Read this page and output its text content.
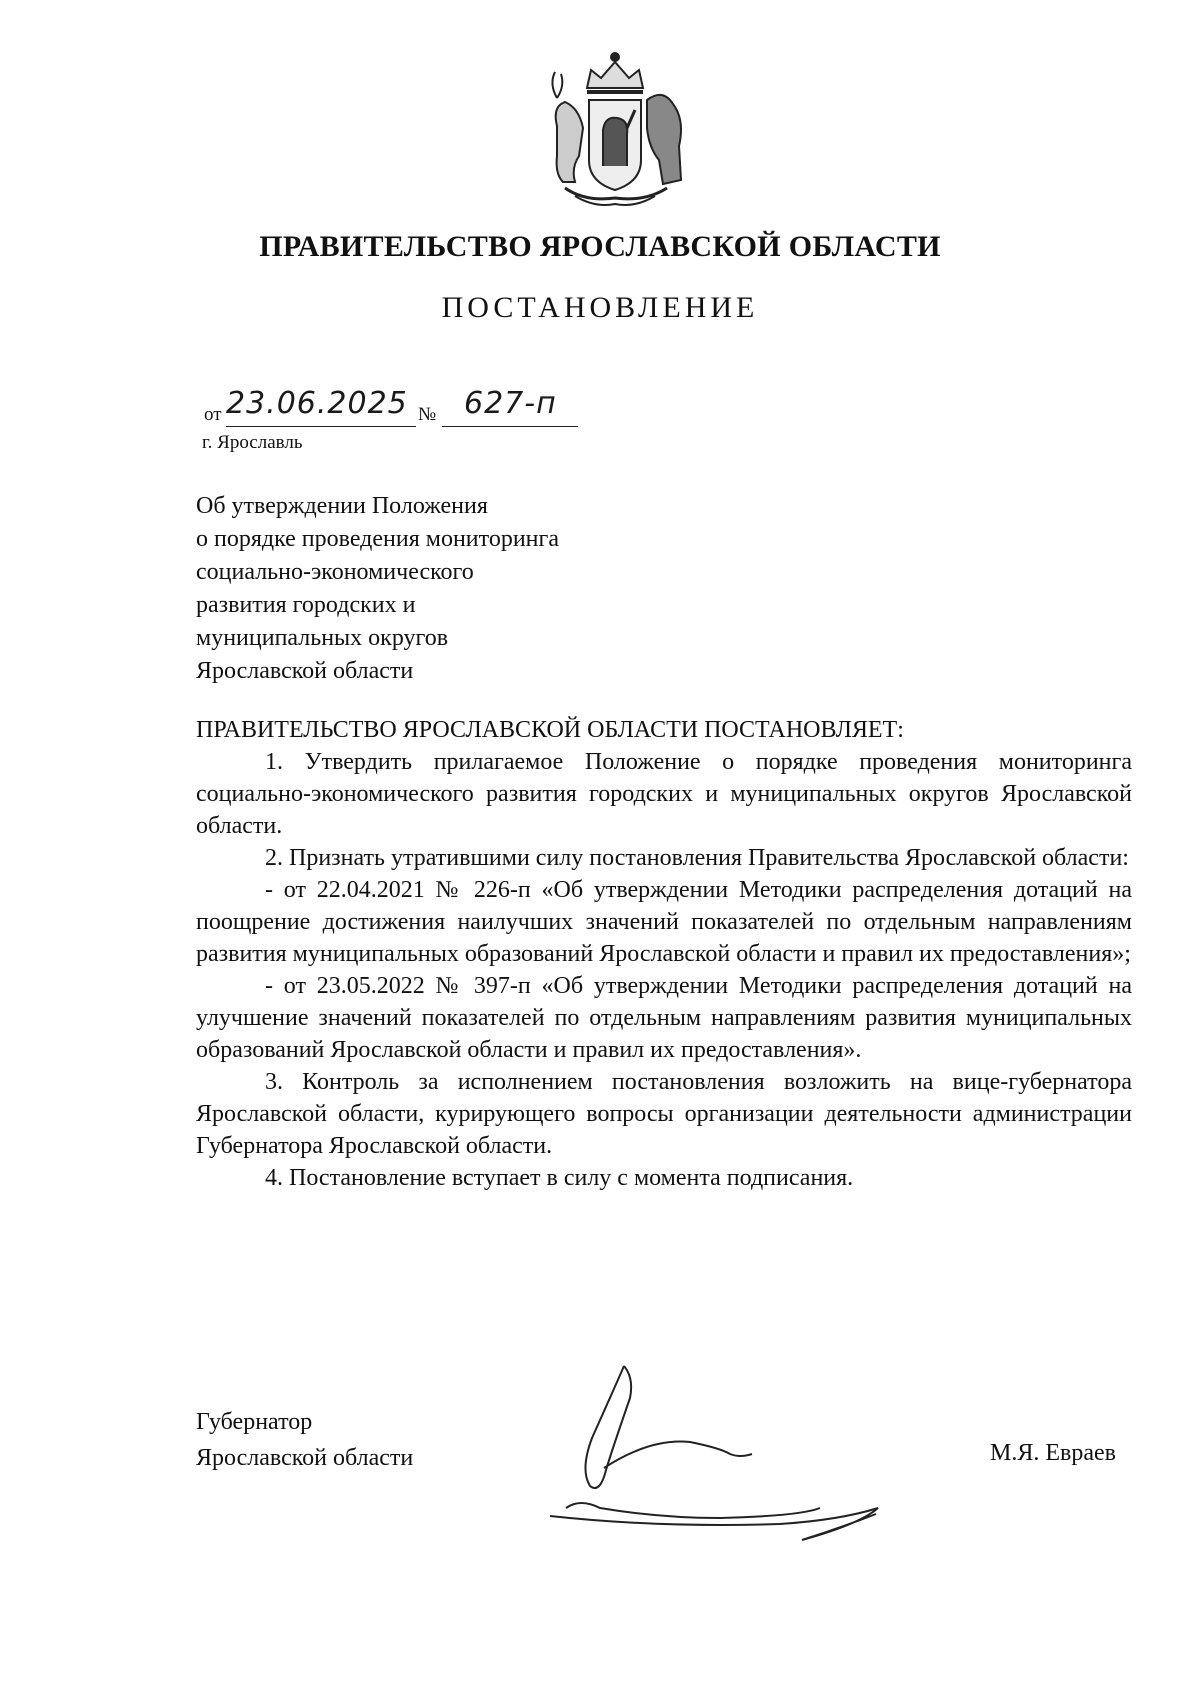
ПРАВИТЕЛЬСТВО ЯРОСЛАВСКОЙ ОБЛАСТИ
ПОСТАНОВЛЕНИЕ
от 23.06.2025 № 627-п
г. Ярославль
Об утверждении Положения
о порядке проведения мониторинга
социально-экономического
развития городских и
муниципальных округов
Ярославской области

ПРАВИТЕЛЬСТВО ЯРОСЛАВСКОЙ ОБЛАСТИ ПОСТАНОВЛЯЕТ:

1. Утвердить прилагаемое Положение о порядке проведения мониторинга социально-экономического развития городских и муниципальных округов Ярославской области.

2. Признать утратившими силу постановления Правительства Ярославской области:

- от 22.04.2021 № 226-п «Об утверждении Методики распределения дотаций на поощрение достижения наилучших значений показателей по отдельным направлениям развития муниципальных образований Ярославской области и правил их предоставления»;

- от 23.05.2022 № 397-п «Об утверждении Методики распределения дотаций на улучшение значений показателей по отдельным направлениям развития муниципальных образований Ярославской области и правил их предоставления».

3. Контроль за исполнением постановления возложить на вице-губернатора Ярославской области, курирующего вопросы организации деятельности администрации Губернатора Ярославской области.

4. Постановление вступает в силу с момента подписания.

Губернатор
Ярославской области	М.Я. Евраев
